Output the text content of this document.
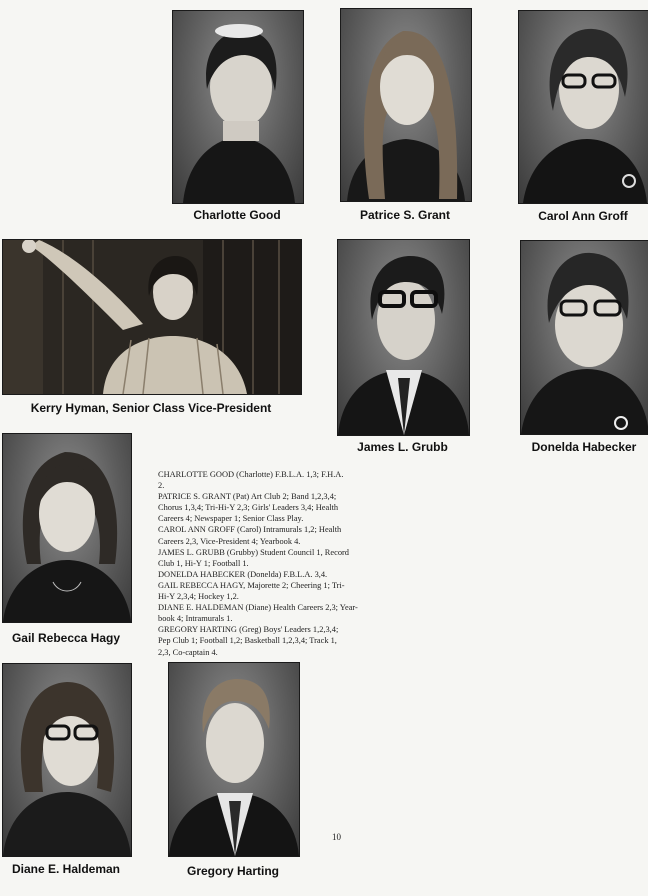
Charlotte Good	Patrice S. Grant	Carol Ann Groff

Kerry Hyman, Senior Class Vice-President

James L. Grubb	Donelda Habecker

Gail Rebecca Hagy

CHARLOTTE GOOD (Charlotte) F.B.L.A. 1,3; F.H.A.
2.
PATRICE S. GRANT (Pat) Art Club 2; Band 1,2,3,4;
Chorus 1,3,4; Tri-Hi-Y 2,3; Girls' Leaders 3,4; Health
Careers 4; Newspaper 1; Senior Class Play.
CAROL ANN GROFF (Carol) Intramurals 1,2; Health
Careers 2,3, Vice-President 4; Yearbook 4.
JAMES L. GRUBB (Grubby) Student Council 1, Record
Club 1, Hi-Y 1; Football 1.
DONELDA HABECKER (Donelda) F.B.L.A. 3,4.
GAIL REBECCA HAGY, Majorette 2; Cheering 1; Tri-
Hi-Y 2,3,4; Hockey 1,2.
DIANE E. HALDEMAN (Diane) Health Careers 2,3; Year-
book 4; Intramurals 1.
GREGORY HARTING (Greg) Boys' Leaders 1,2,3,4;
Pep Club 1; Football 1,2; Basketball 1,2,3,4; Track 1,
2,3, Co-captain 4.

Diane E. Haldeman	Gregory Harting

10
